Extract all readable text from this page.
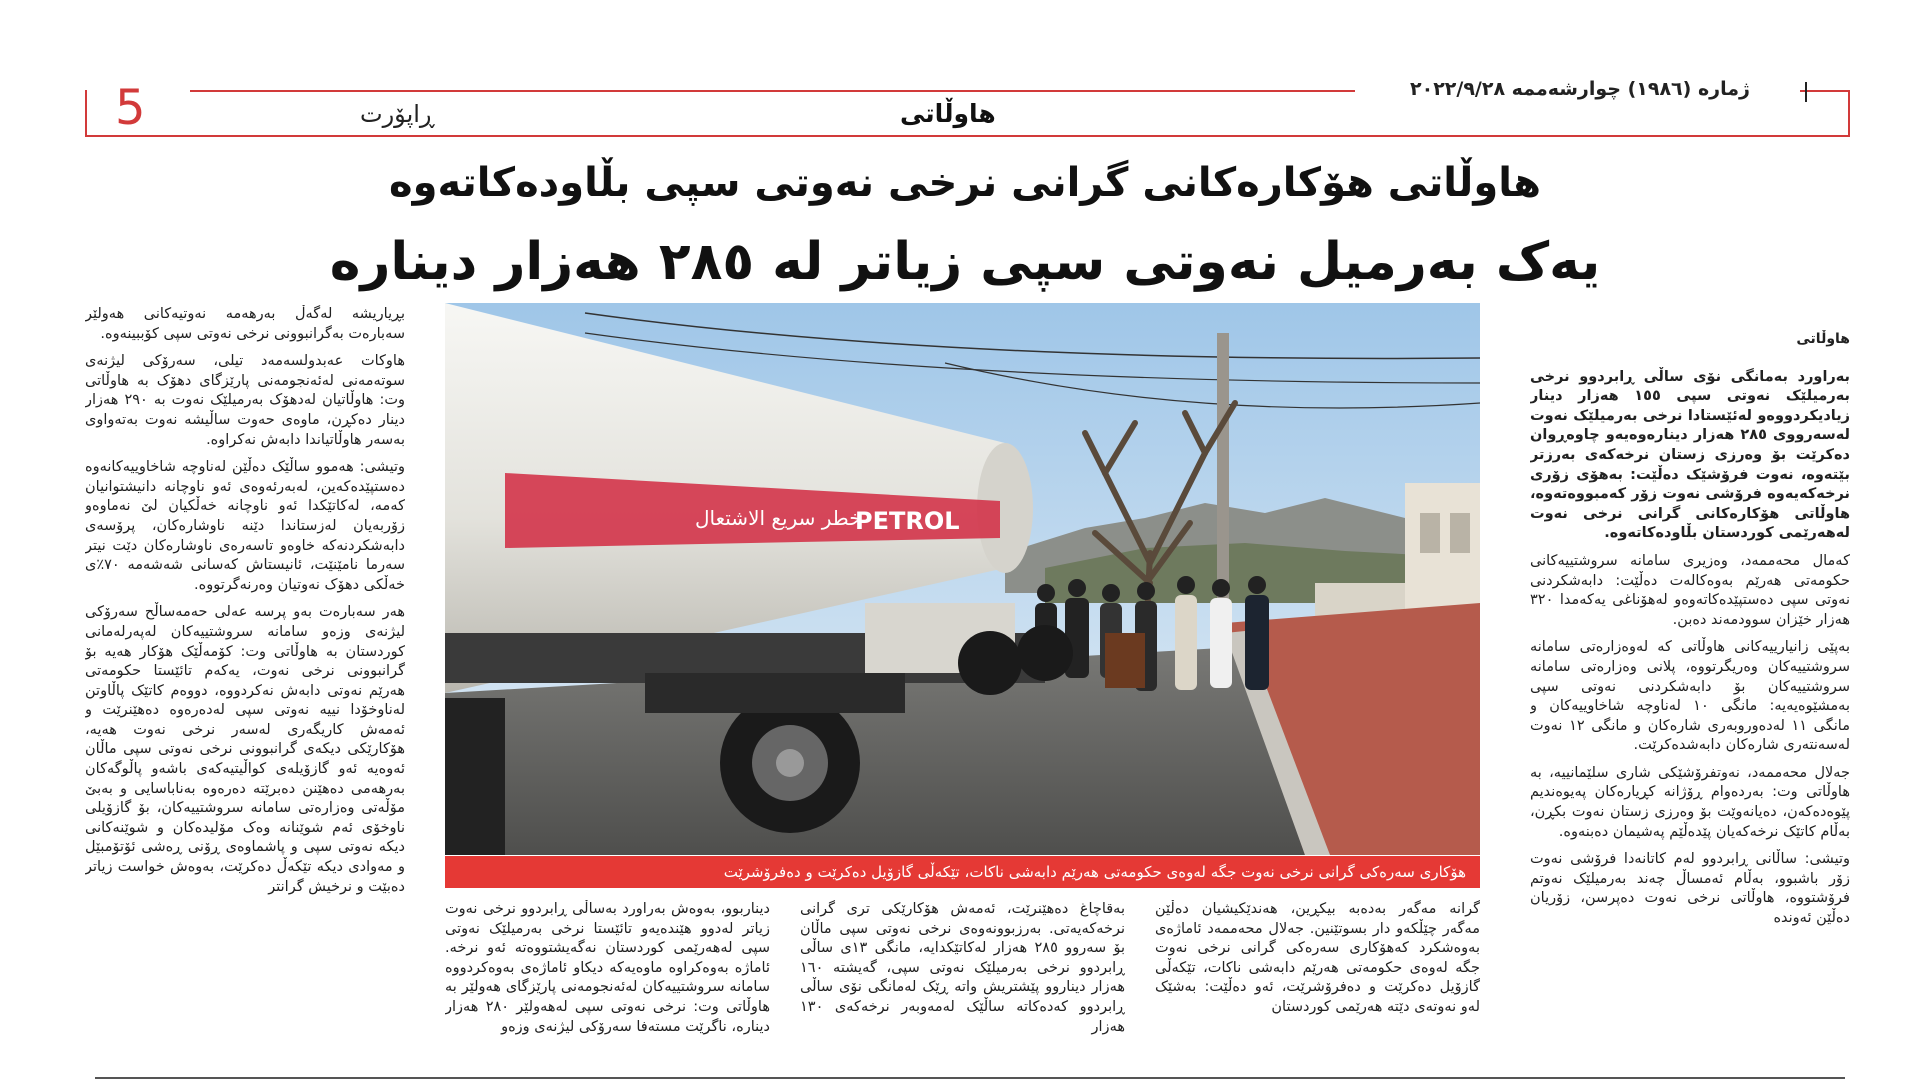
5	ڕاپۆرت	هاوڵاتی
ژمارە (١٩٨٦) چوارشەممە ٢٠٢٢/٩/٢٨
هاوڵاتی هۆکارەکانی گرانی نرخی نەوتی سپی بڵاودەکاتەوە
یەک بەرمیل نەوتی سپی زیاتر لە ٢٨٥ هەزار دینارە
خطر سريع الاشتعال
PETROL
هۆکاری سەرەکی گرانی نرخی نەوت جگە لەوەی حکومەتی هەرێم دابەشی ناکات، تێکەڵی گازۆیل دەکرێت و دەفرۆشرێت

هاوڵاتی

بەراورد بەمانگی نۆی ساڵی ڕابردوو نرخی بەرمیلێک نەوتی سپی ١٥٥ هەزار دینار زیادیکردووەو لەئێستادا نرخی بەرمیلێک نەوت لەسەرووی ٢٨٥ هەزار دینارەوەیەو چاوەڕوان دەکرێت بۆ وەرزی زستان نرخەکەی بەرزتر بێتەوە، نەوت فرۆشێک دەڵێت: بەهۆی زۆری نرخەکەیەوە فرۆشی نەوت زۆر کەمبووەتەوە، هاوڵاتی هۆکارەکانی گرانی نرخی نەوت لەهەرێمی کوردستان بڵاودەکاتەوە.

کەمال محەممەد، وەزیری سامانە سروشتییەکانی حکومەتی هەرێم بەوەکالەت دەڵێت: دابەشکردنی نەوتی سپی دەستپێدەکاتەوەو لەهۆناغی یەکەمدا ٣٢٠ هەزار خێزان سوودمەند دەبن.

بەپێی زانیارییەکانی هاوڵاتی کە لەوەزارەتی سامانە سروشتییەکان وەریگرتووە، پلانی وەزارەتی سامانە سروشتییەکان بۆ دابەشکردنی نەوتی سپی بەمشێوەیەیە: مانگی ١٠ لەناوچە شاخاوییەکان و مانگی ١١ لەدەوروبەری شارەکان و مانگی ١٢ نەوت لەسەنتەری شارەکان دابەشدەکرێت.

جەلال محەممەد، نەوتفرۆشێکی شاری سلێمانییە، بە هاوڵاتی وت: بەردەوام ڕۆژانە کڕیارەکان پەیوەندیم پێوەدەکەن، دەیانەوێت بۆ وەرزی زستان نەوت بکڕن، بەڵام کاتێک نرخەکەیان پێدەڵێم پەشیمان دەبنەوە.

وتیشی: ساڵانی ڕابردوو لەم کاتانەدا فرۆشی نەوت زۆر باشبوو، بەڵام ئەمساڵ چەند بەرمیلێک نەوتم فرۆشتووە، هاوڵاتی نرخی نەوت دەپرسن، زۆریان دەڵێن ئەوندە

بڕیاریشە لەگەڵ بەرهەمە نەوتیەکانی هەولێر سەبارەت بەگرانبوونی نرخی نەوتی سپی کۆببینەوە.

هاوکات عەبدولسەمەد تیلی، سەرۆکی لیژنەی سوتەمەنی لەئەنجومەنی پارێزگای دهۆک بە هاوڵاتی وت: هاوڵاتیان لەدهۆک بەرمیلێک نەوت بە ٢٩٠ هەزار دینار دەکڕن، ماوەی حەوت ساڵیشە نەوت بەتەواوی بەسەر هاوڵاتیاندا دابەش نەکراوە.

وتیشی: هەموو ساڵێک دەڵێن لەناوچە شاخاوییەکانەوە دەستپێدەکەین، لەبەرئەوەی ئەو ناوچانە دانیشتوانیان کەمە، لەکاتێکدا ئەو ناوچانە خەڵکیان لێ نەماوەو زۆربەیان لەزستاندا دێنە ناوشارەکان، پرۆسەی دابەشکردنەکە خاوەو تاسەرەی ناوشارەکان دێت نیتر سەرما نامێنێت، ئانیستاش کەسانی شەشەمە ٧٠٪ی خەڵکی دهۆک نەوتیان وەرنەگرتووە.

هەر سەبارەت بەو پرسە عەلی حەمەساڵح سەرۆکی لیژنەی وزەو سامانە سروشتییەکان لەپەرلەمانی کوردستان بە هاوڵاتی وت: کۆمەڵێک هۆکار هەیە بۆ گرانبوونی نرخی نەوت، یەکەم تائێستا حکومەتی هەرێم نەوتی دابەش نەکردووە، دووەم کاتێک پاڵاوتن لەناوخۆدا نییە نەوتی سپی لەدەرەوە دەهێنرێت و ئەمەش کاریگەری لەسەر نرخی نەوت هەیە، هۆکارێکی دیکەی گرانبوونی نرخی نەوتی سپی ماڵان ئەوەیە ئەو گازۆیلەی کواڵیتیەکەی باشەو پاڵوگەکان بەرهەمی دەهێنن دەبرێتە دەرەوە بەناباسایی و بەبێ مۆڵەتی وەزارەتی سامانە سروشتییەکان، بۆ گازۆیلی ناوخۆی ئەم شوێنانە وەک مۆلیدەکان و شوێنەکانی دیکە نەوتی سپی و پاشماوەی ڕۆنی ڕەشی ئۆتۆمبێل و مەوادی دیکە تێکەڵ دەکرێت، بەوەش خواست زیاتر دەبێت و نرخیش گرانتر

دیناربوو، بەوەش بەراورد بەساڵی ڕابردوو نرخی نەوت زیاتر لەدوو هێندەیەو تائێستا نرخی بەرمیلێک نەوتی سپی لەهەرێمی کوردستان نەگەیشتووەتە ئەو نرخە. ئاماژە بەوەکراوە ماوەیەکە دیکاو ئاماژەی بەوەکردووە سامانە سروشتییەکان لەئەنجومەنی پارێزگای هەولێر بە هاوڵاتی وت: نرخی نەوتی سپی لەهەولێر ٢٨٠ هەزار دینارە، ناگرێت مستەفا سەرۆکی لیژنەی وزەو

بەقاچاغ دەهێنرێت، ئەمەش هۆکارێکی تری گرانی نرخەکەیەتی. بەرزبوونەوەی نرخی نەوتی سپی ماڵان بۆ سەروو ٢٨٥ هەزار لەکاتێکدایە، مانگی ١٣ی ساڵی ڕابردوو نرخی بەرمیلێک نەوتی سپی، گەیشتە ١٦٠ هەزار دیناروو پێشتریش واتە ڕێک لەمانگی نۆی ساڵی ڕابردوو کەدەکاتە ساڵێک لەمەوبەر نرخەکەی ١٣٠ هەزار

گرانە مەگەر بەدەبە بیکڕین، هەندێکیشیان دەڵێن مەگەر چێڵکەو دار بسوتێنین. جەلال محەممەد ئاماژەی بەوەشکرد کەهۆکاری سەرەکی گرانی نرخی نەوت جگە لەوەی حکومەتی هەرێم دابەشی ناکات، تێکەڵی گازۆیل دەکرێت و دەفرۆشرێت، ئەو دەڵێت: بەشێک لەو نەوتەی دێتە هەرێمی کوردستان
